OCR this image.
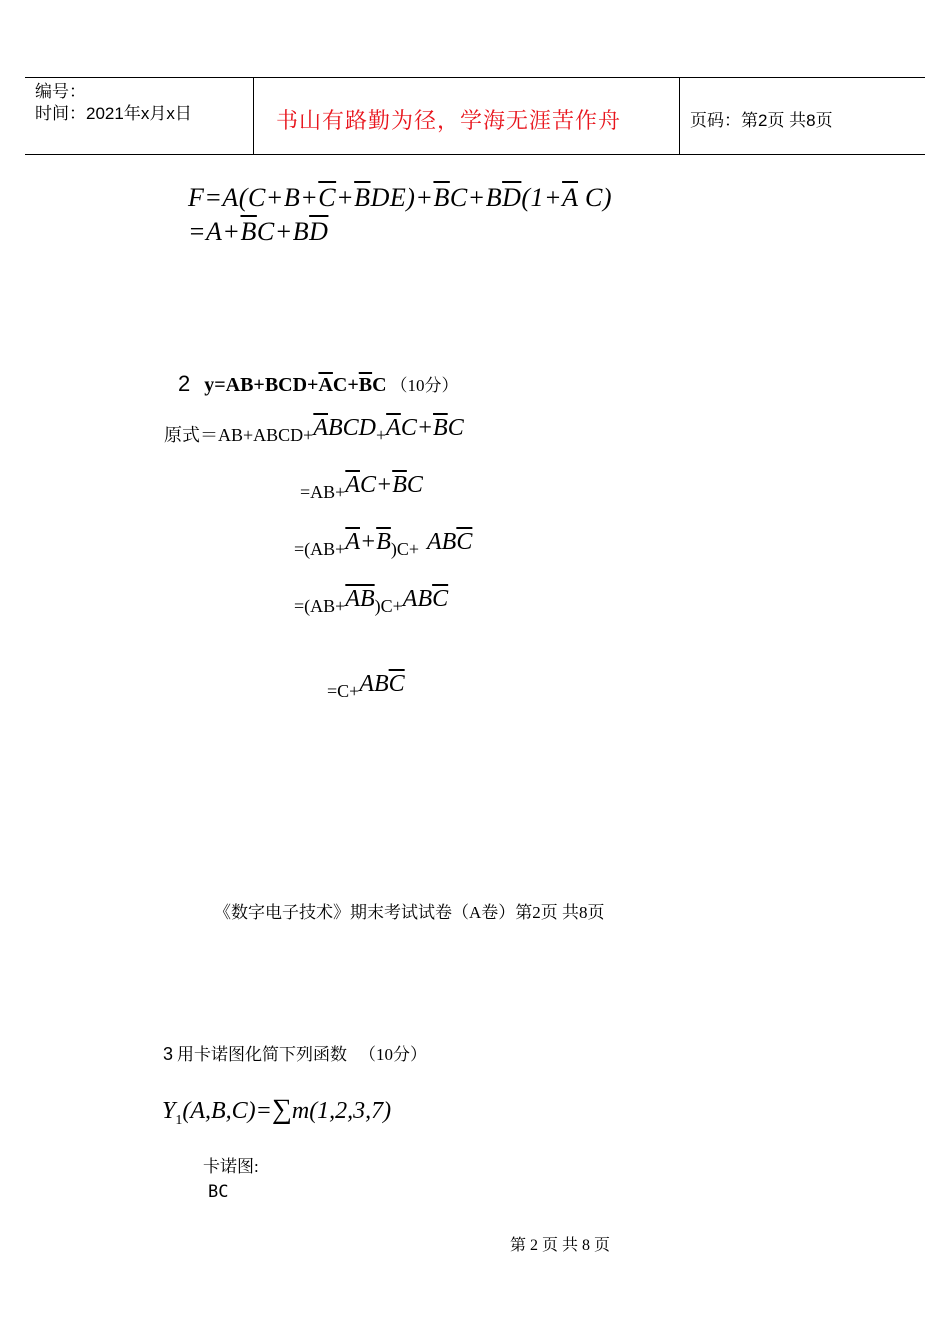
编号：
时间：2021年x月x日	书山有路勤为径，学海无涯苦作舟	页码：第2页 共8页
$F=A(C+B+\overline{C}+\overline{B}DE)+\overline{B}C+B\overline{D}(1+\overline{A}$ C)
$=A+\overline{B}C+B\overline{D}$
2 $y=AB+BCD+\overline{A}C+\overline{B}C$ （10分）
原式$=AB+ABCD+\overline{A}BCD+\overline{A}C+\overline{B}C$
$=AB+\overline{A}C+\overline{B}C$
$=(AB+\overline{A}+\overline{B})C+ AB\overline{C}$
$=(AB+\overline{AB})C+AB\overline{C}$
$=C+AB\overline{C}$
《数字电子技术》期末考试试卷（A卷）第2页 共8页
3 用卡诺图化简下列函数 （10分）
$Y_1(A,B,C)=\sum m(1,2,3,7)$
卡诺图:
BC
第 2 页 共 8 页
